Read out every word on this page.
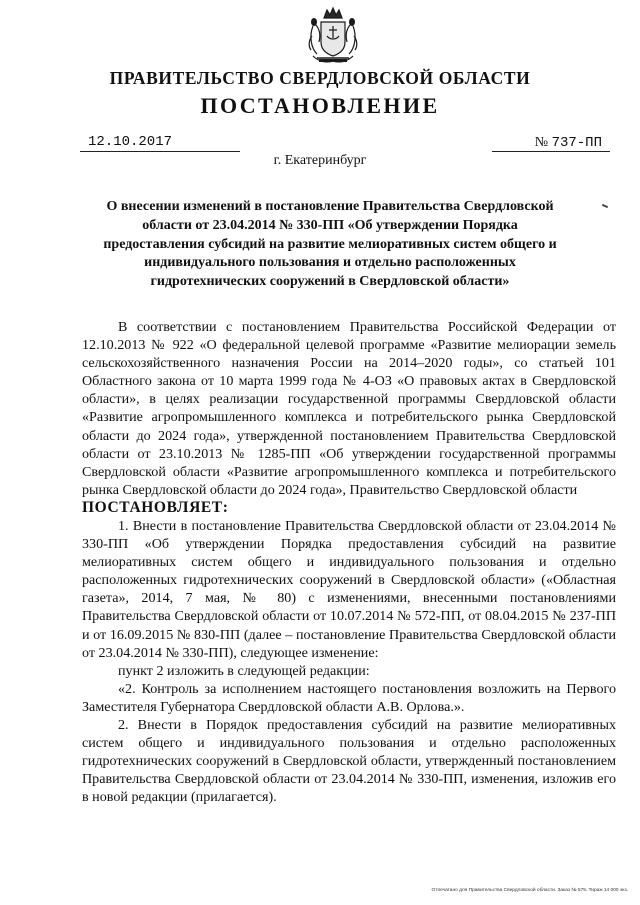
ПРАВИТЕЛЬСТВО СВЕРДЛОВСКОЙ ОБЛАСТИ
ПОСТАНОВЛЕНИЕ
12.10.2017	№ 737-ПП
г. Екатеринбург
О внесении изменений в постановление Правительства Свердловской области от 23.04.2014 № 330-ПП «Об утверждении Порядка предоставления субсидий на развитие мелиоративных систем общего и индивидуального пользования и отдельно расположенных гидротехнических сооружений в Свердловской области»

В соответствии с постановлением Правительства Российской Федерации от 12.10.2013 № 922 «О федеральной целевой программе «Развитие мелиорации земель сельскохозяйственного назначения России на 2014–2020 годы», со статьей 101 Областного закона от 10 марта 1999 года № 4-ОЗ «О правовых актах в Свердловской области», в целях реализации государственной программы Свердловской области «Развитие агропромышленного комплекса и потребительского рынка Свердловской области до 2024 года», утвержденной постановлением Правительства Свердловской области от 23.10.2013 № 1285-ПП «Об утверждении государственной программы Свердловской области «Развитие агропромышленного комплекса и потребительского рынка Свердловской области до 2024 года», Правительство Свердловской области

ПОСТАНОВЛЯЕТ:

1. Внести в постановление Правительства Свердловской области от 23.04.2014 № 330-ПП «Об утверждении Порядка предоставления субсидий на развитие мелиоративных систем общего и индивидуального пользования и отдельно расположенных гидротехнических сооружений в Свердловской области» («Областная газета», 2014, 7 мая, № 80) с изменениями, внесенными постановлениями Правительства Свердловской области от 10.07.2014 № 572-ПП, от 08.04.2015 № 237-ПП и от 16.09.2015 № 830-ПП (далее – постановление Правительства Свердловской области от 23.04.2014 № 330-ПП), следующее изменение:

пункт 2 изложить в следующей редакции:

«2. Контроль за исполнением настоящего постановления возложить на Первого Заместителя Губернатора Свердловской области А.В. Орлова.».

2. Внести в Порядок предоставления субсидий на развитие мелиоративных систем общего и индивидуального пользования и отдельно расположенных гидротехнических сооружений в Свердловской области, утвержденный постановлением Правительства Свердловской области от 23.04.2014 № 330-ПП, изменения, изложив его в новой редакции (прилагается).

Отпечатано для Правительства Свердловской области. Заказ № 575. Тираж 14 000 экз.
